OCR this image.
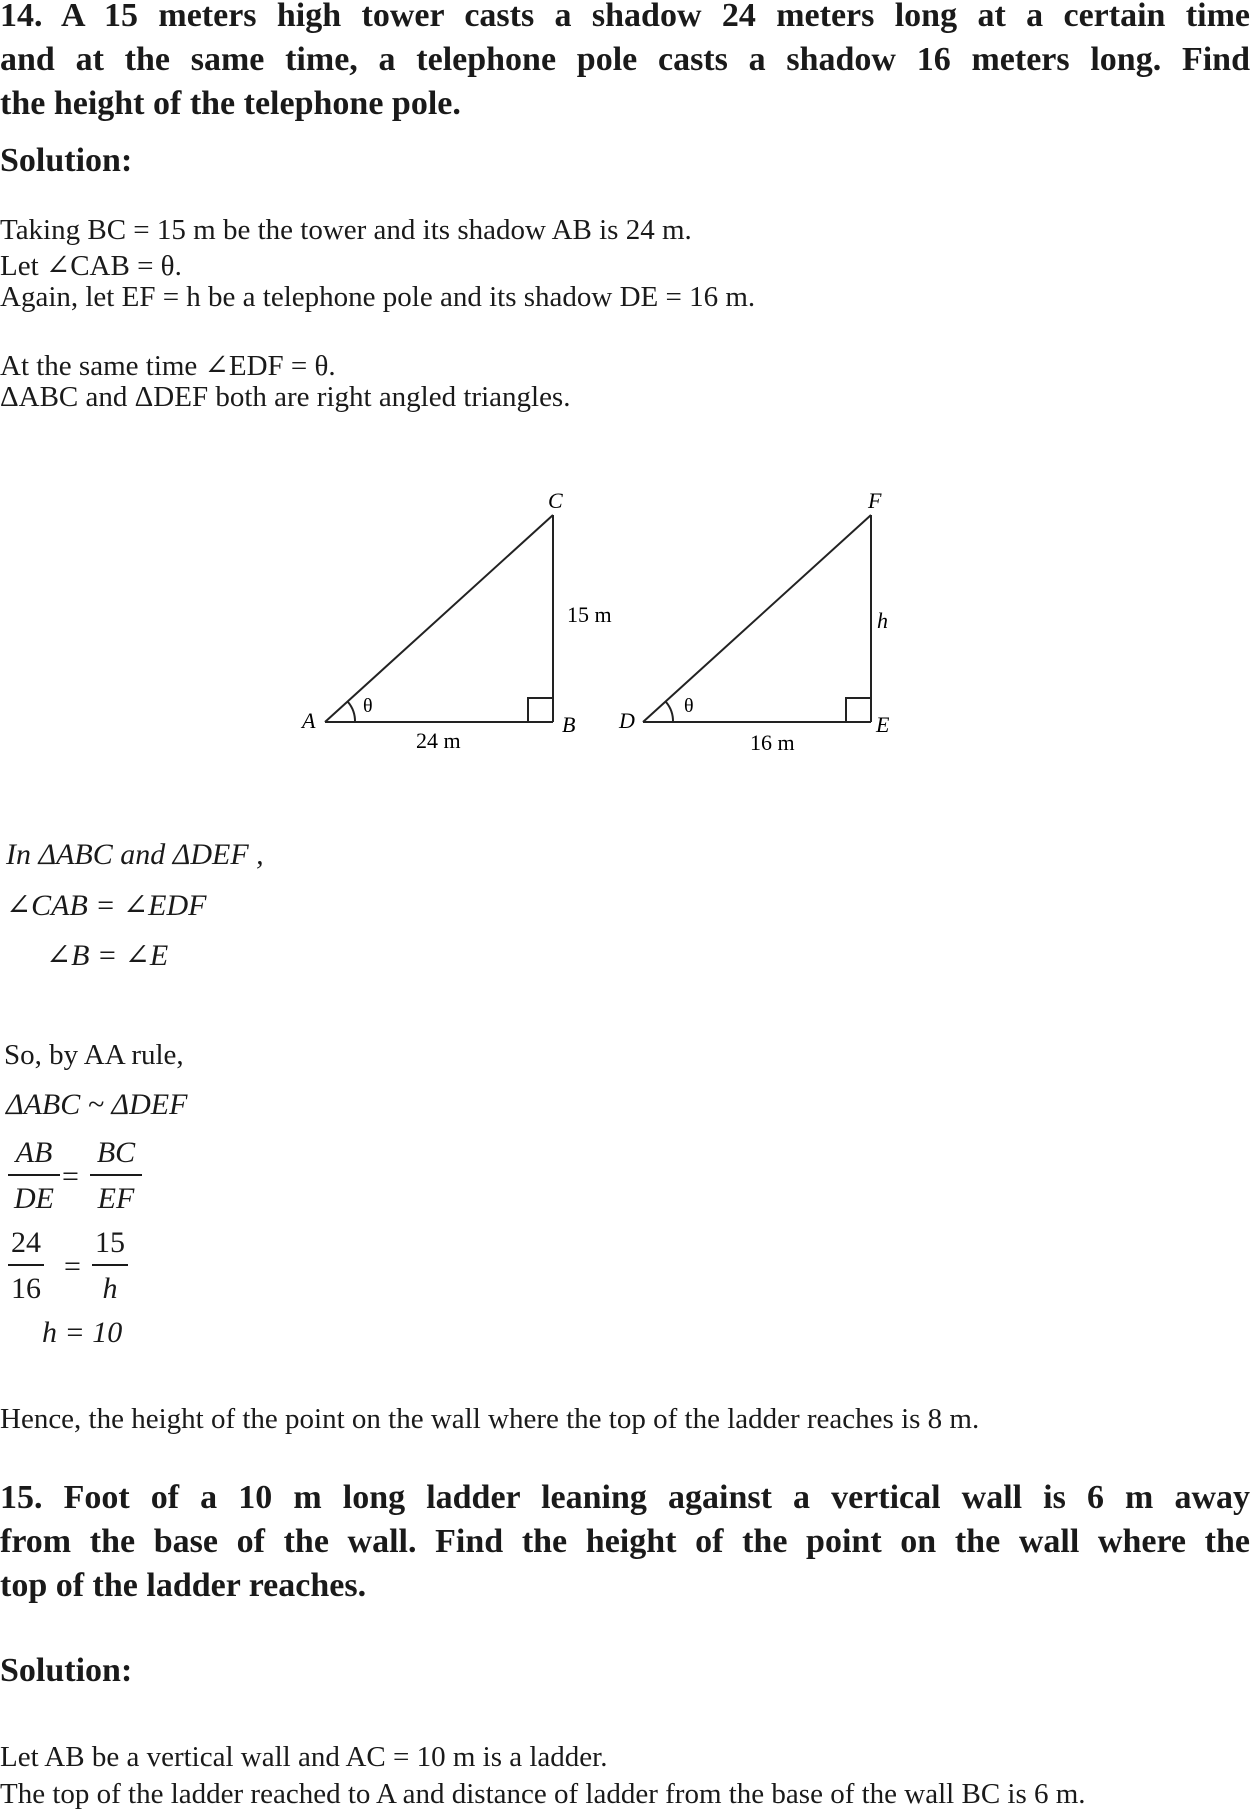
14. A 15 meters high tower casts a shadow 24 meters long at a certain time
and at the same time, a telephone pole casts a shadow 16 meters long. Find
the height of the telephone pole.
Solution:
Taking BC = 15 m be the tower and its shadow AB is 24 m.
Let ∠CAB = θ.
Again, let EF = h be a telephone pole and its shadow DE = 16 m.
At the same time ∠EDF = θ.
ΔABC and ΔDEF both are right angled triangles.
A	B
C
θ
15 m
24 m
D	E
F
θ
h
16 m
In ΔABC and ΔDEF ,
∠CAB = ∠EDF
∠B = ∠E
So, by AA rule,
ΔABC ~ ΔDEF
AB
DE
=
BC
EF
24
16
=
15
h
h = 10
Hence, the height of the point on the wall where the top of the ladder reaches is 8 m.
15. Foot of a 10 m long ladder leaning against a vertical wall is 6 m away
from the base of the wall. Find the height of the point on the wall where the
top of the ladder reaches.
Solution:
Let AB be a vertical wall and AC = 10 m is a ladder.
The top of the ladder reached to A and distance of ladder from the base of the wall BC is 6 m.
